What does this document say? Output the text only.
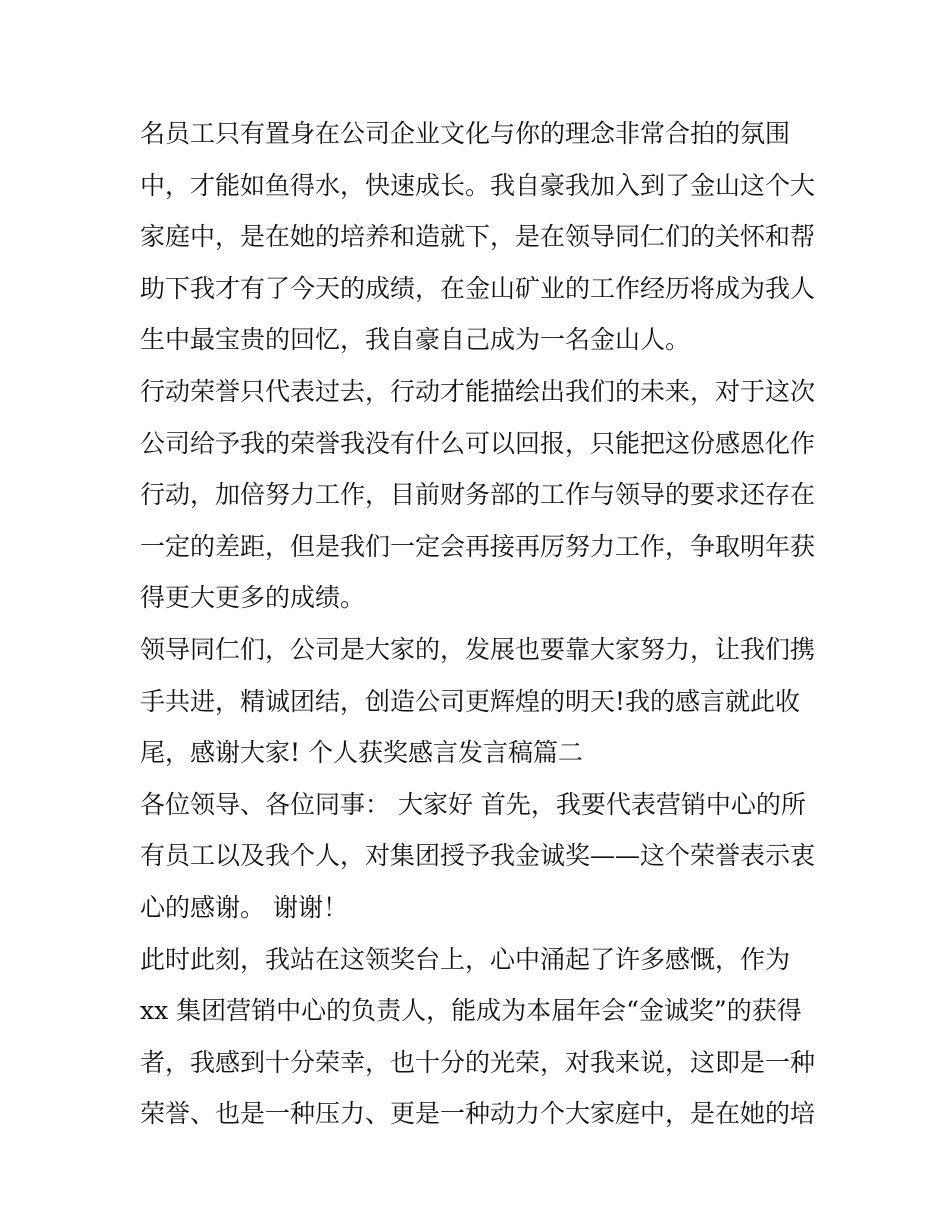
名员工只有置身在公司企业文化与你的理念非常合拍的氛围
中，才能如鱼得水，快速成长。我自豪我加入到了金山这个大
家庭中，是在她的培养和造就下，是在领导同仁们的关怀和帮
助下我才有了今天的成绩，在金山矿业的工作经历将成为我人
生中最宝贵的回忆，我自豪自己成为一名金山人。
行动荣誉只代表过去，行动才能描绘出我们的未来，对于这次
公司给予我的荣誉我没有什么可以回报，只能把这份感恩化作
行动，加倍努力工作，目前财务部的工作与领导的要求还存在
一定的差距，但是我们一定会再接再厉努力工作，争取明年获
得更大更多的成绩。
领导同仁们，公司是大家的，发展也要靠大家努力，让我们携
手共进，精诚团结，创造公司更辉煌的明天!我的感言就此收
尾，感谢大家! 个人获奖感言发言稿篇二
各位领导、各位同事： 大家好 首先，我要代表营销中心的所
有员工以及我个人，对集团授予我金诚奖——这个荣誉表示衷
心的感谢。 谢谢！
此时此刻，我站在这领奖台上，心中涌起了许多感慨，作为
xx 集团营销中心的负责人，能成为本届年会“金诚奖”的获得
者，我感到十分荣幸，也十分的光荣，对我来说，这即是一种
荣誉、也是一种压力、更是一种动力个大家庭中，是在她的培
